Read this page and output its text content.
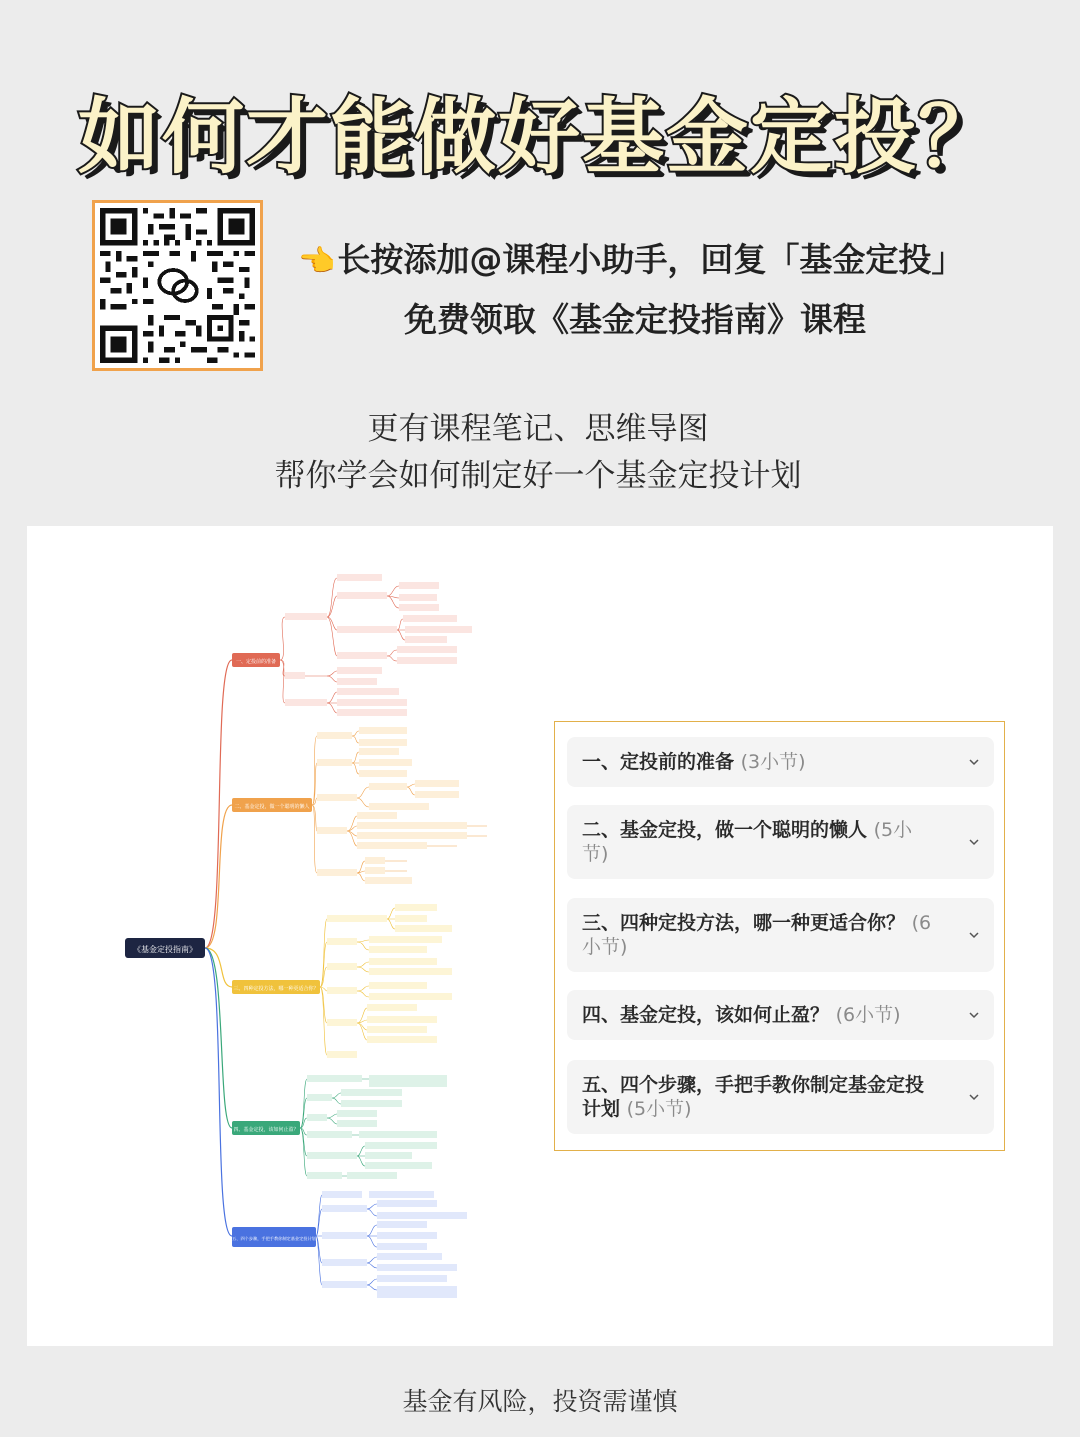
如何才能做好基金定投？
👈长按添加@课程小助手，回复「基金定投」
免费领取《基金定投指南》课程
更有课程笔记、思维导图
帮你学会如何制定好一个基金定投计划
《基金定投指南》
一、定投前的准备
二、基金定投，做一个聪明的懒人
三、四种定投方法，哪一种更适合你？
四、基金定投，该如何止盈？
五、四个步骤，手把手教你制定基金定投计划
一、定投前的准备 (3小节)
二、基金定投，做一个聪明的懒人 (5小节)
三、四种定投方法，哪一种更适合你？ (6小节)
四、基金定投，该如何止盈？ (6小节)
五、四个步骤，手把手教你制定基金定投计划 (5小节)
基金有风险，投资需谨慎
